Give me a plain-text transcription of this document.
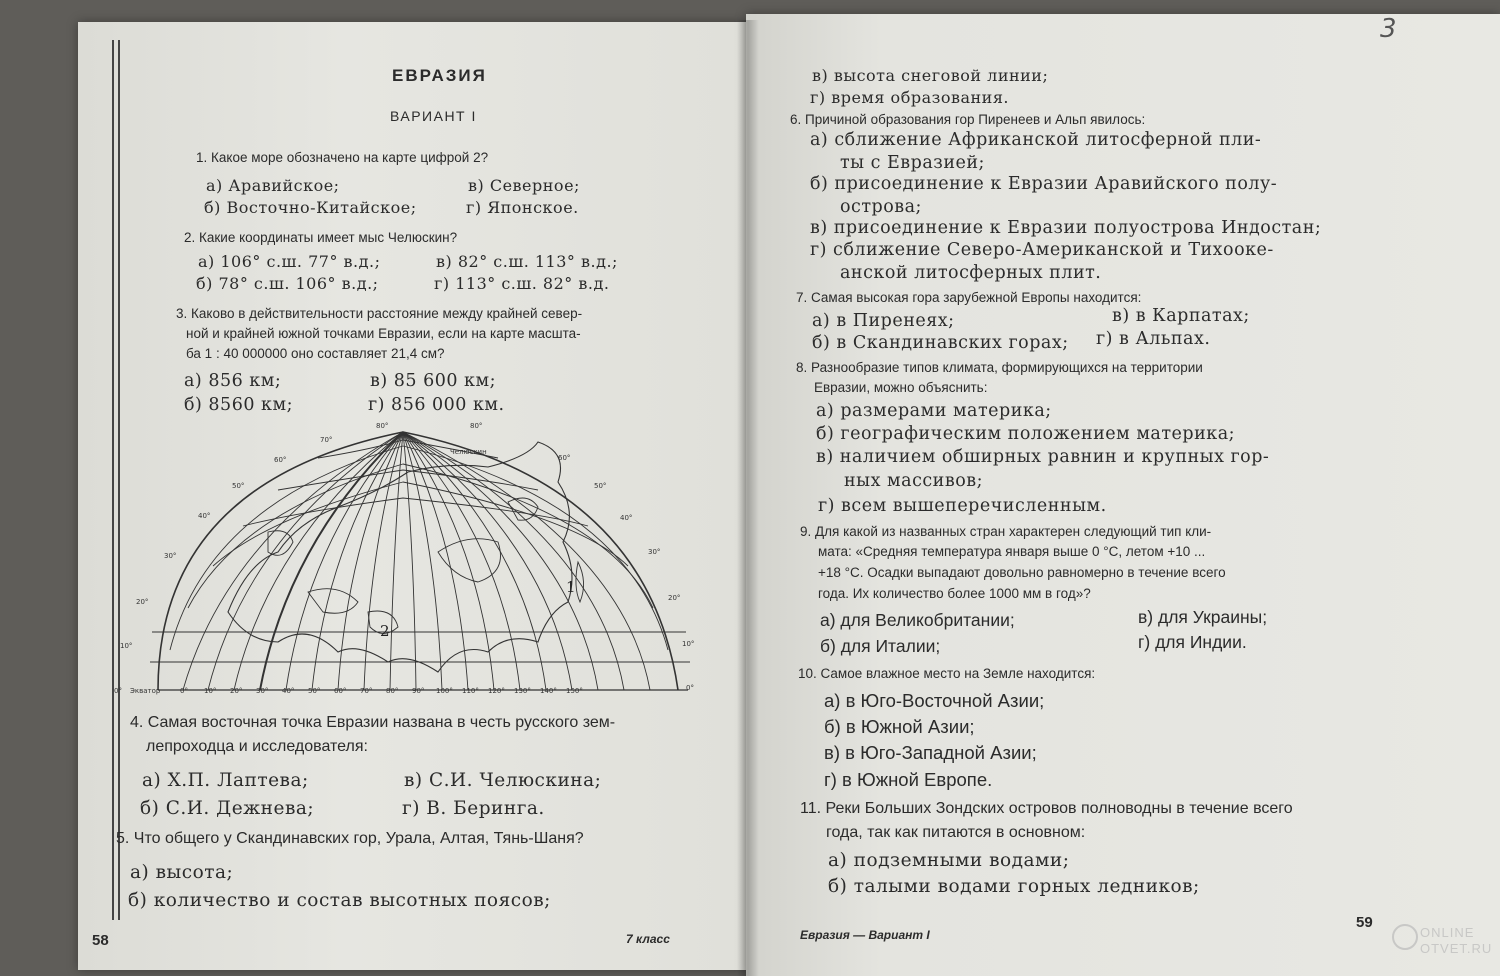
ЕВРАЗИЯ
ВАРИАНТ I
1. Какое море обозначено на карте цифрой 2?
а) Аравийское;	в) Северное;
б) Восточно-Китайское;	г) Японское.
2. Какие координаты имеет мыс Челюскин?
а) 106° с.ш. 77° в.д.;	в) 82° с.ш. 113° в.д.;
б) 78° с.ш. 106° в.д.;	г) 113° с.ш. 82° в.д.
3. Каково в действительности расстояние между крайней север-
ной и крайней южной точками Евразии, если на карте масшта-
ба 1 : 40 000000 оно составляет 21,4 см?
а) 856 км;	в) 85 600 км;
б) 8560 км;	г) 856 000 км.
80°
70°
60°
50°
40°
30°
20°
10°
0°
80°
60°
50°
40°
30°
20°
10°
0°
0° 10° 20° 30° 40° 50° 60° 70° 80° 90° 100° 110° 120° 130° 140° 150°
Экватор
Челюскин
1
2
4. Самая восточная точка Евразии названа в честь русского зем-
лепроходца и исследователя:
а) Х.П. Лаптева;	в) С.И. Челюскина;
б) С.И. Дежнева;	г) В. Беринга.
5. Что общего у Скандинавских гор, Урала, Алтая, Тянь-Шаня?
а) высота;
б) количество и состав высотных поясов;
58	7 класс
в) высота снеговой линии;
г) время образования.
6. Причиной образования гор Пиренеев и Альп явилось:
а) сближение Африканской литосферной пли-
ты с Евразией;
б) присоединение к Евразии Аравийского полу-
острова;
в) присоединение к Евразии полуострова Индостан;
г) сближение Северо-Американской и Тихооке-
анской литосферных плит.
7. Самая высокая гора зарубежной Европы находится:
а) в Пиренеях;	в) в Карпатах;
б) в Скандинавских горах; г) в Альпах.
8. Разнообразие типов климата, формирующихся на территории
Евразии, можно объяснить:
а) размерами материка;
б) географическим положением материка;
в) наличием обширных равнин и крупных гор-
ных массивов;
г) всем вышеперечисленным.
9. Для какой из названных стран характерен следующий тип кли-
мата: «Средняя температура января выше 0 °С, летом +10 ...
+18 °С. Осадки выпадают довольно равномерно в течение всего
года. Их количество более 1000 мм в год»?
а) для Великобритании;	в) для Украины;
б) для Италии;	г) для Индии.
10. Самое влажное место на Земле находится:
а) в Юго-Восточной Азии;
б) в Южной Азии;
в) в Юго-Западной Азии;
г) в Южной Европе.
11. Реки Больших Зондских островов полноводны в течение всего
года, так как питаются в основном:
а) подземными водами;
б) талыми водами горных ледников;
Евразия — Вариант I
59
3
ONLINE
OTVET.RU
